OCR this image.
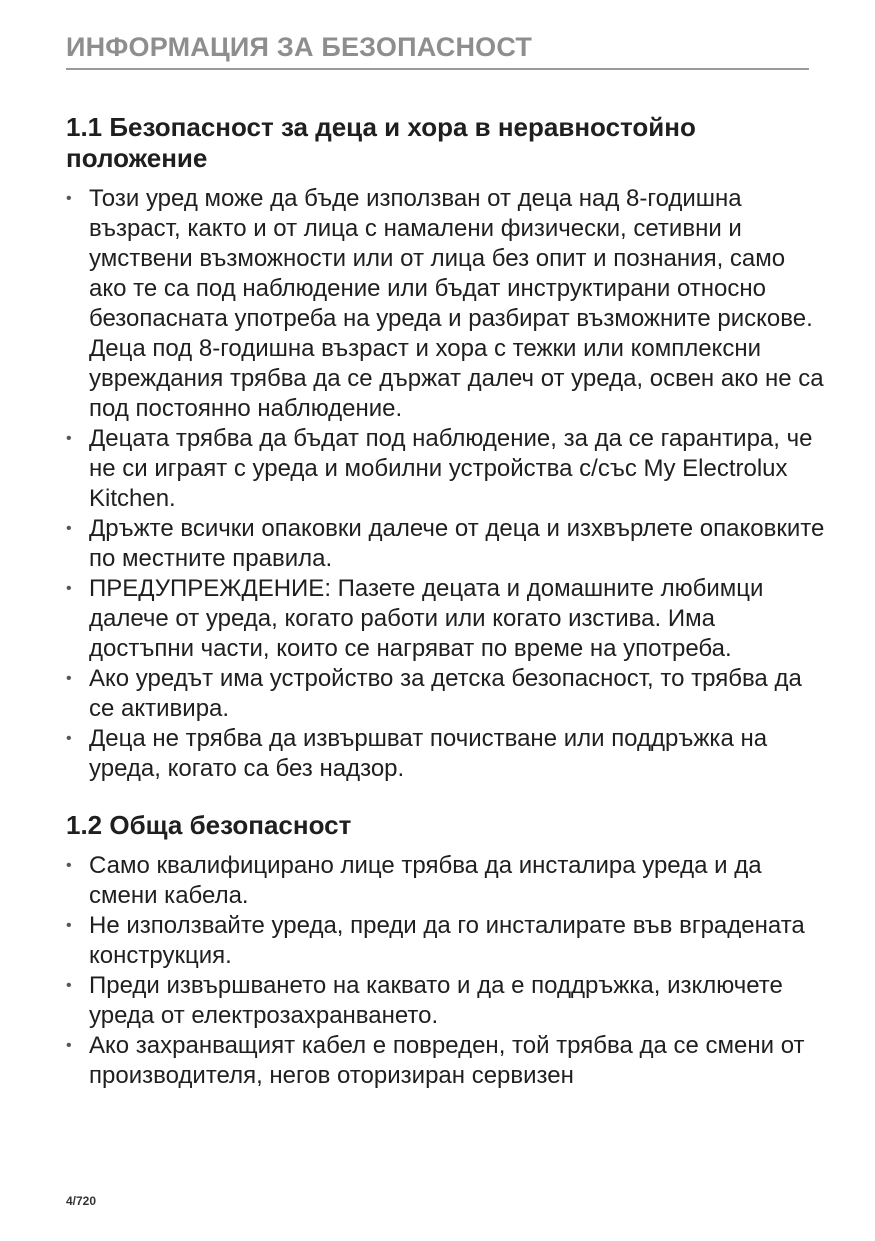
ИНФОРМАЦИЯ ЗА БЕЗОПАСНОСТ
1.1 Безопасност за деца и хора в неравностойно положение
• Този уред може да бъде използван от деца над 8-годишна възраст, както и от лица с намалени физически, сетивни и умствени възможности или от лица без опит и познания, само ако те са под наблюдение или бъдат инструктирани относно безопасната употреба на уреда и разбират възможните рискове. Деца под 8-годишна възраст и хора с тежки или комплексни увреждания трябва да се държат далеч от уреда, освен ако не са под постоянно наблюдение.
• Децата трябва да бъдат под наблюдение, за да се гарантира, че не си играят с уреда и мобилни устройства с/със My Electrolux Kitchen.
• Дръжте всички опаковки далече от деца и изхвърлете опаковките по местните правила.
• ПРЕДУПРЕЖДЕНИЕ: Пазете децата и домашните любимци далече от уреда, когато работи или когато изстива. Има достъпни части, които се нагряват по време на употреба.
• Ако уредът има устройство за детска безопасност, то трябва да се активира.
• Деца не трябва да извършват почистване или поддръжка на уреда, когато са без надзор.
1.2 Обща безопасност
• Само квалифицирано лице трябва да инсталира уреда и да смени кабела.
• Не използвайте уреда, преди да го инсталирате във вградената конструкция.
• Преди извършването на каквато и да е поддръжка, изключете уреда от електрозахранването.
• Ако захранващият кабел е повреден, той трябва да се смени от производителя, негов оторизиран сервизен
4/720
